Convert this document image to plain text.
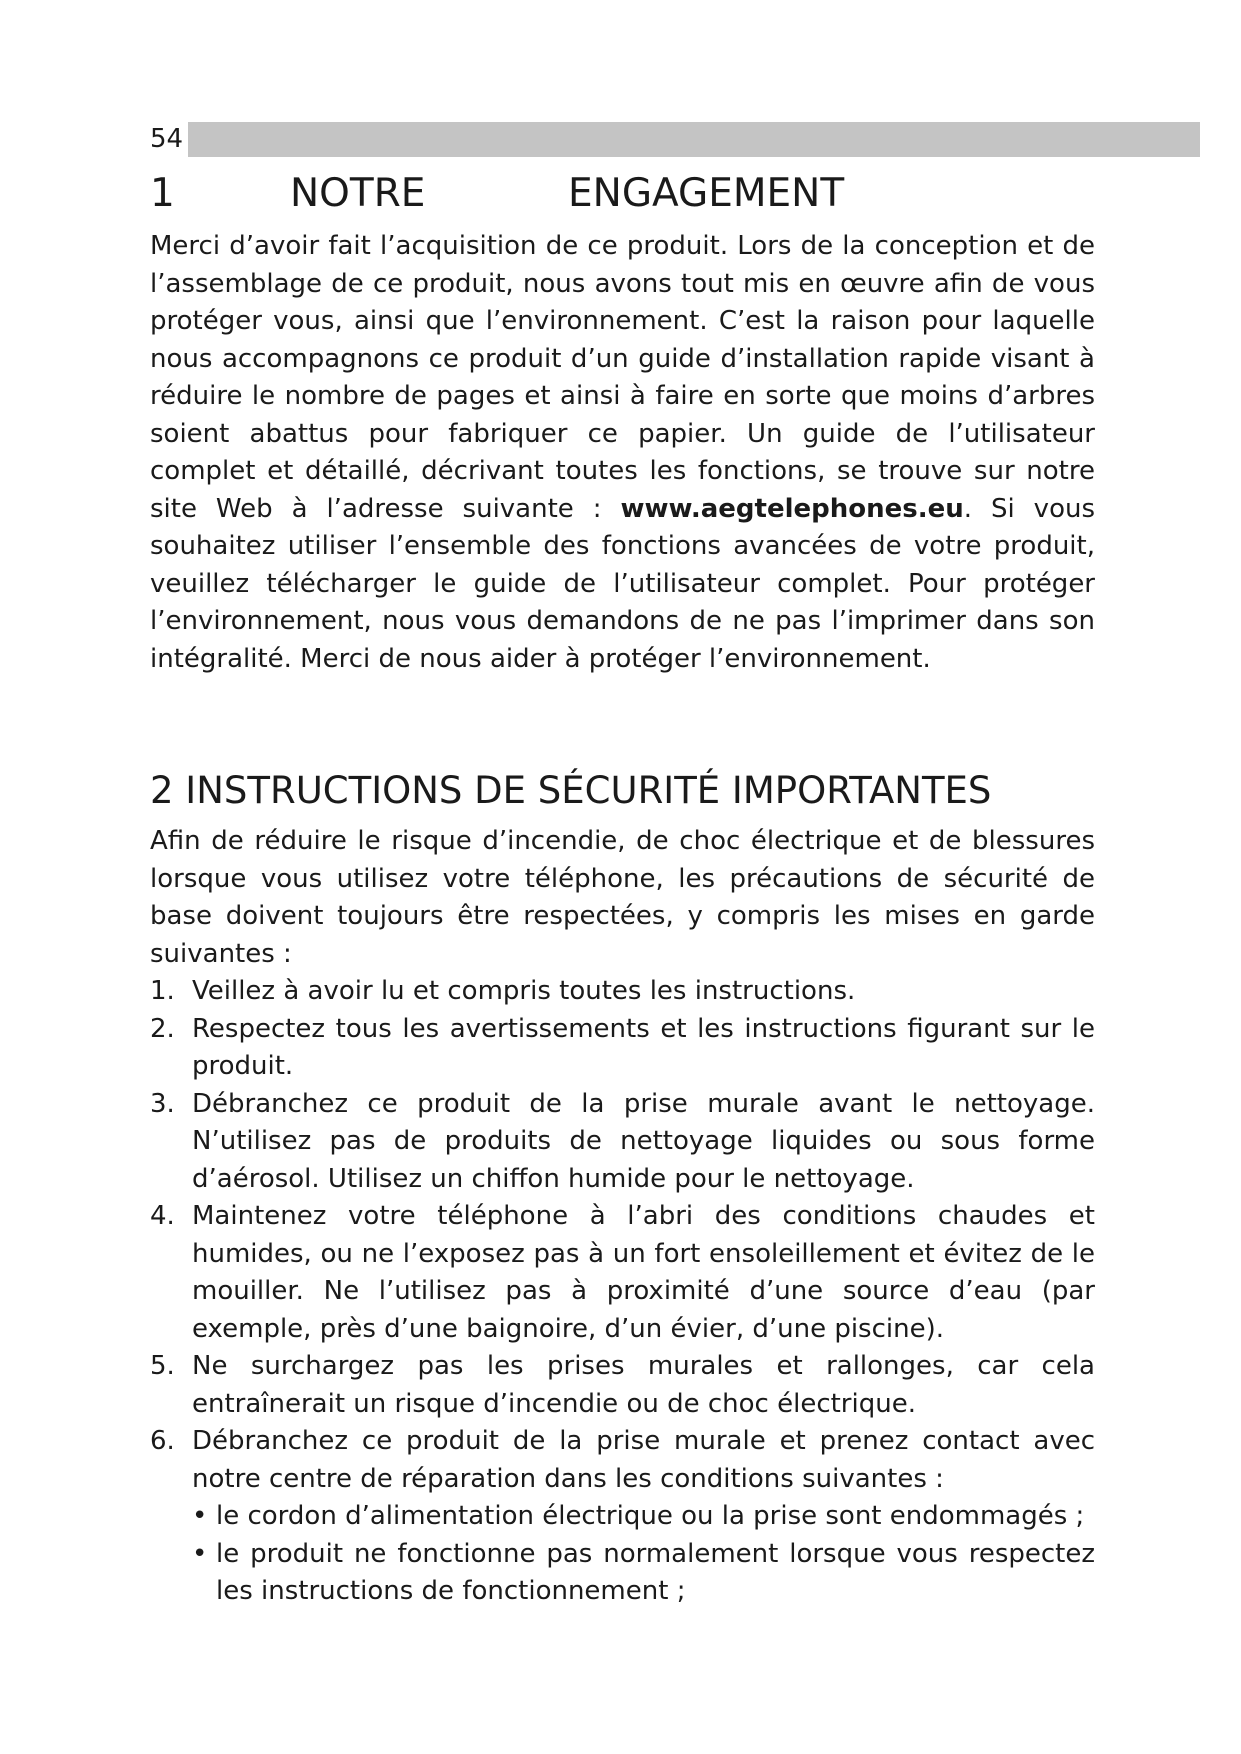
54
1	NOTRE	ENGAGEMENT

Merci d’avoir fait l’acquisition de ce produit. Lors de la conception et de l’assemblage de ce produit, nous avons tout mis en œuvre afin de vous protéger vous, ainsi que l’environnement. C’est la raison pour laquelle nous accompagnons ce produit d’un guide d’installation rapide visant à réduire le nombre de pages et ainsi à faire en sorte que moins d’arbres soient abattus pour fabriquer ce papier. Un guide de l’utilisateur complet et détaillé, décrivant toutes les fonctions, se trouve sur notre site Web à l’adresse suivante : www.aegtelephones.eu. Si vous souhaitez utiliser l’ensemble des fonctions avancées de votre produit, veuillez télécharger le guide de l’utilisateur complet. Pour protéger l’environnement, nous vous demandons de ne pas l’imprimer dans son intégralité. Merci de nous aider à protéger l’environnement.

2 INSTRUCTIONS DE SÉCURITÉ IMPORTANTES

Afin de réduire le risque d’incendie, de choc électrique et de blessures lorsque vous utilisez votre téléphone, les précautions de sécurité de base doivent toujours être respectées, y compris les mises en garde suivantes :

1. Veillez à avoir lu et compris toutes les instructions.
2. Respectez tous les avertissements et les instructions figurant sur le produit.
3. Débranchez ce produit de la prise murale avant le nettoyage. N’utilisez pas de produits de nettoyage liquides ou sous forme d’aérosol. Utilisez un chiffon humide pour le nettoyage.
4. Maintenez votre téléphone à l’abri des conditions chaudes et humides, ou ne l’exposez pas à un fort ensoleillement et évitez de le mouiller. Ne l’utilisez pas à proximité d’une source d’eau (par exemple, près d’une baignoire, d’un évier, d’une piscine).
5. Ne surchargez pas les prises murales et rallonges, car cela entraînerait un risque d’incendie ou de choc électrique.
6. Débranchez ce produit de la prise murale et prenez contact avec notre centre de réparation dans les conditions suivantes :
• le cordon d’alimentation électrique ou la prise sont endommagés ;
• le produit ne fonctionne pas normalement lorsque vous respectez les instructions de fonctionnement ;
